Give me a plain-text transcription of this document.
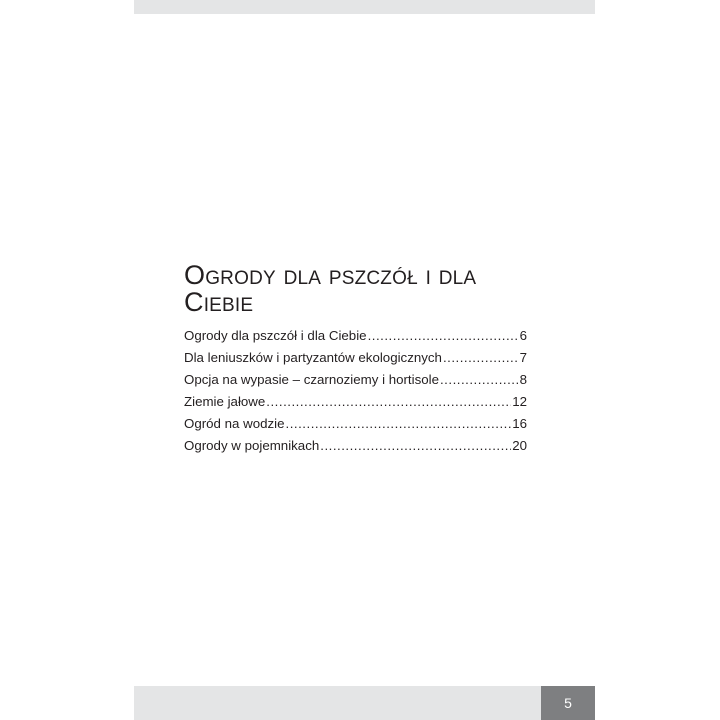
Ogrody dla pszczół i dla Ciebie
Ogrody dla pszczół i dla Ciebie .....	6
Dla leniuszków i partyzantów ekologicznych .....	7
Opcja na wypasie – czarnoziemy i hortisole .....	8
Ziemie jałowe .....	12
Ogród na wodzie .....	16
Ogrody w pojemnikach .....	20
5
